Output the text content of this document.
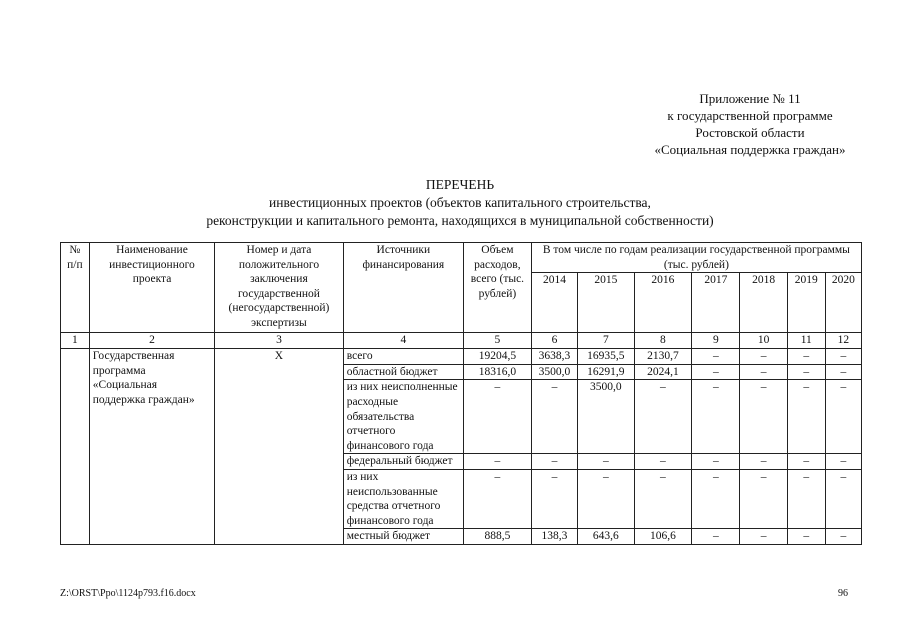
Приложение № 11
к государственной программе
Ростовской области
«Социальная поддержка граждан»
ПЕРЕЧЕНЬ
инвестиционных проектов (объектов капитального строительства,
реконструкции и капитального ремонта, находящихся в муниципальной собственности)
№ п/п	Наименование инвестиционного проекта	Номер и дата положительного заключения государственной (негосударственной) экспертизы	Источники финансирования	Объем расходов, всего (тыс. рублей)	В том числе по годам реализации государственной программы (тыс. рублей)						
					2014	2015	2016	2017	2018	2019	2020
1	2	3	4	5	6	7	8	9	10	11	12
	Государственная программа «Социальная поддержка граждан»	Х	всего	19204,5	3638,3	16935,5	2130,7	–	–	–	–
			областной бюджет	18316,0	3500,0	16291,9	2024,1	–	–	–	–
			из них неисполненные расходные обязательства отчетного финансового года	–	–	3500,0	–	–	–	–	–
			федеральный бюджет	–	–	–	–	–	–	–	–
			из них неиспользованные средства отчетного финансового года	–	–	–	–	–	–	–	–
			местный бюджет	888,5	138,3	643,6	106,6	–	–	–	–
Z:\ORST\Ppo\1124p793.f16.docx	96
